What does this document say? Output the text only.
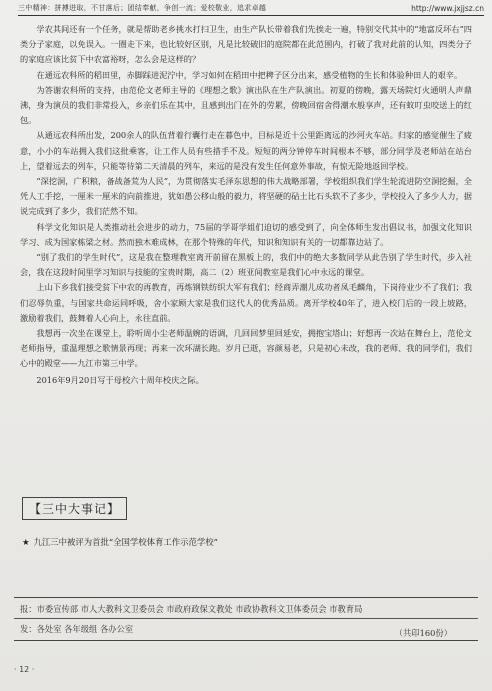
三中精神：拼搏进取，不甘落后；团结奉献，争创一流；爱校敬业，追求卓越	http://www.jxjjsz.cn

学农其间还有一个任务，就是帮助老乡挑水打扫卫生，由生产队长带着我们先挨走一遍，特别交代其中的“地富反坏右”四类分子家庭，以免误入。一圈走下来，也比较好区别，凡是比较破旧的庭院都在此范围内，打破了我对此前的认知，四类分子的家庭应该比贫下中农富裕呀，怎么会是这样的？

在通远农科所的稻田里，赤脚踩进泥泞中，学习如何在稻田中把稗子区分出来，感受植物的生长和体验种田人的艰辛。

为答谢农科所的支持，由范伦文老师主导的《理想之歌》演出队在生产队演出。初夏的傍晚，露天场院灯火通明人声鼎沸，身为演员的我们非常投入，乡亲们乐在其中，且感到出门在外的劳累，傍晚回宿舍得潮水般享声，还有蚊叮虫咬送上的红包。

从通远农科所出发，200余人的队伍背着行囊行走在暮色中，目标是近十公里距离远的沙河火车站。归家的感觉催生了疲意，小小的车站拥入我们这批乘客，让工作人员有些措手不及。短短的两分钟停车时间根本不够，部分同学及老师站在站台上，望着远去的列车，只能等待第二天清晨的列车，来远的是没有发生任何意外事故，有惊无险地返回学校。

“深挖洞，广积粮，备战备荒为人民”，为贯彻落实毛泽东思想的伟大战略部署，学校组织我们学生轮流进防空洞挖掘，全凭人工手挖，一厘米一厘米的向前推进，犹如愚公移山般的毅力，将坚硬的砧土比石头软不了多少，学校投入了多少人力，据说完成到了多少，我们茫然不知。

科学文化知识是人类推动社会进步的动力，75届的学哥学姐们迫切的感受到了，向全体师生发出倡议书，加强文化知识学习、成为国家栋梁之材。然而独木难成林，在那个特殊的年代，知识和知识有关的一切都靠边站了。

“别了我们的学生时代”，这是我在整理教室离开前留在黑板上的，我们中的绝大多数同学从此告别了学生时代，步入社会，我在这段时间里学习知识与技能的宝贵时期，高二（2）班亚间教室是我们心中永远的课堂。

上山下乡我们接受贫下中农的再教育，再炼钢铁纺织大军有我们；经商弄潮儿成功者凤毛麟角，下岗待业少不了我们；我们忍辱负重，与国家共命运同呼吸，舍小家顾大家是我们这代人的优秀品质。离开学校40年了，进入校门后的一段上坡路，激励着我们，鼓舞着人心向上，永往直前。

我想再一次坐在课堂上，聆听周小尘老师温婉的语调，几回回梦里回延安，拥抱宝塔山；好想再一次站在舞台上，范伦文老师指导，重温理想之歌情景再现；再来一次环湖长跑。岁月已逝，容颜易老，只是初心未改，我的老师、我的同学们，我们心中的殿堂——九江市第三中学。

2016年9月20日写于母校六十周年校庆之际。

【三中大事记】
★ 九江三中被评为首批“全国学校体育工作示范学校”
报：市委宣传部 市人大教科文卫委员会 市政府政保文教处 市政协教科文卫体委员会 市教育局
发：各处室 各年级组 各办公室	（共印160份）
· 12 ·
